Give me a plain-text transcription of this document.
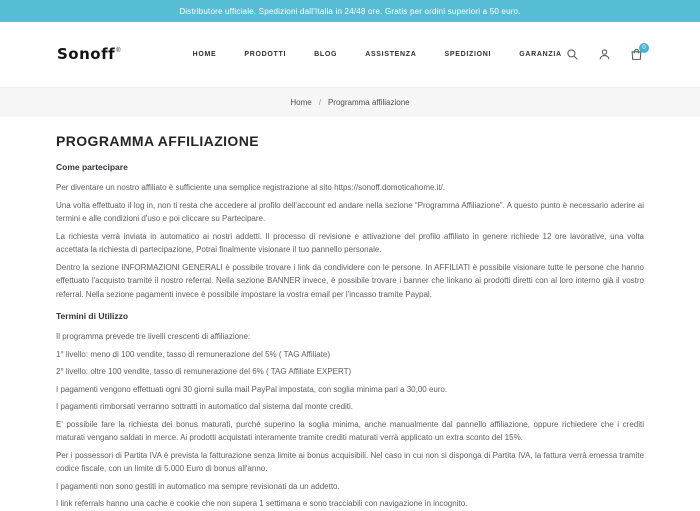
Distributore ufficiale. Spedizioni dall'Italia in 24/48 ore. Gratis per ordini superiori a 50 euro.
Sonoff ®	HOME	PRODOTTI	BLOG	ASSISTENZA	SPEDIZIONI	GARANZIA
0
Home / Programma affiliazione
PROGRAMMA AFFILIAZIONE
Come partecipare

Per diventare un nostro affiliato è sufficiente una semplice registrazione al sito https://sonoff.domoticahome.it/.

Una volta effettuato il log in, non ti resta che accedere al profilo dell'account ed andare nella sezione “Programma Affiliazione”. A questo punto è necessario aderire ai termini e alle condizioni d'uso e poi cliccare su Partecipare.

La richiesta verrà inviata in automatico ai nostri addetti. Il processo di revisione e attivazione del profilo affiliato in genere richiede 12 ore lavorative, una volta accettata la richiesta di partecipazione, Potrai finalmente visionare il tuo pannello personale.

Dentro la sezione INFORMAZIONI GENERALI è possibile trovare i link da condividere con le persone. In AFFILIATI è possibile visionare tutte le persone che hanno effettuato l'acquisto tramite il nostro referral. Nella sezione BANNER invece, è possibile trovare i banner che linkano ai prodotti diretti con al loro interno già il vostro referral. Nella sezione pagamenti invece è possibile impostare la vostra email per l'incasso tramite Paypal.

Termini di Utilizzo

Il programma prevede tre livelli crescenti di affiliazione:

1° livello: meno di 100 vendite, tasso di remunerazione del 5% ( TAG Affiliate)

2° livello: oltre 100 vendite, tasso di remunerazione del 6% ( TAG Affiliate EXPERT)

I pagamenti vengono effettuati ogni 30 giorni sulla mail PayPal impostata, con soglia minima pari a 30,00 euro.

I pagamenti rimborsati verranno sottratti in automatico dal sistema dal monte crediti.

E' possibile fare la richiesta dei bonus maturati, purché superino la soglia minima, anche manualmente dal pannello affiliazione, oppure richiedere che i crediti maturati vengano saldati in merce. Ai prodotti acquistati interamente tramite crediti maturati verrà applicato un extra sconto del 15%.

Per i possessori di Partita IVA è prevista la fatturazione senza limite ai bonus acquisibili. Nel caso in cui non si disponga di Partita IVA, la fattura verrà emessa tramite codice fiscale, con un limite di 5.000 Euro di bonus all'anno.

I pagamenti non sono gestiti in automatico ma sempre revisionati da un addetto.

I link referrals hanno una cache e cookie che non supera 1 settimana e sono tracciabili con navigazione in incognito.
